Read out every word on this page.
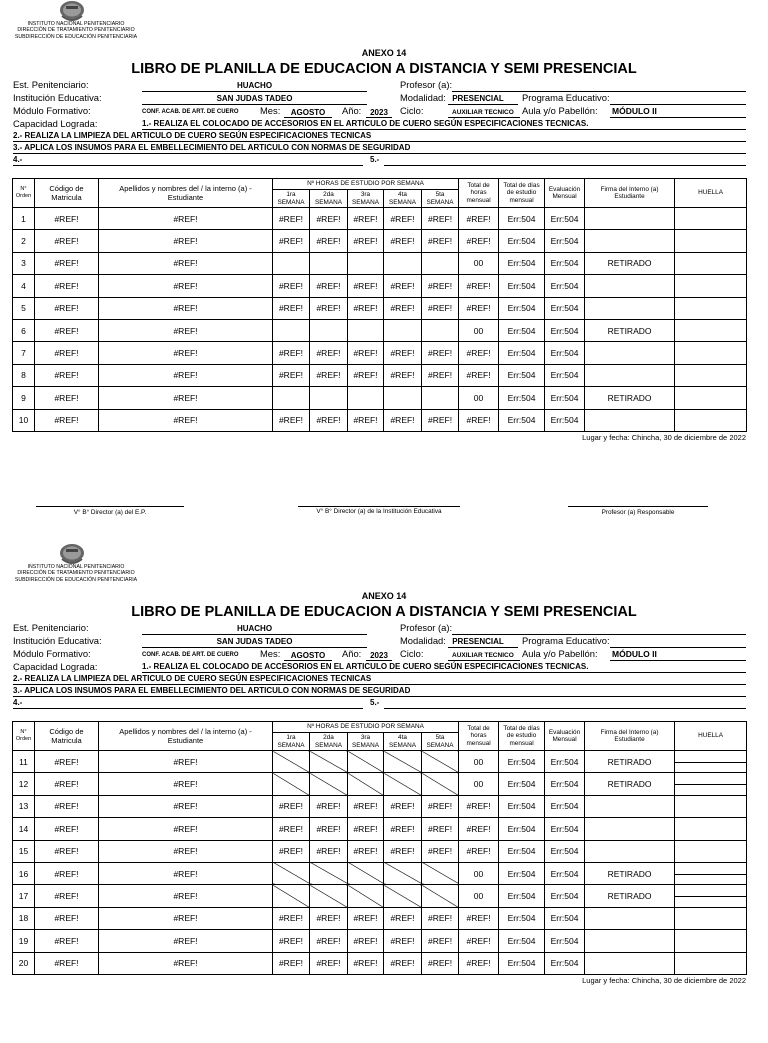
INSTITUTO NACIONAL PENITENCIARIO
DIRECCIÓN DE TRATAMIENTO PENITENCIARIO
SUBDIRECCIÓN DE EDUCACIÓN PENITENCIARIA
ANEXO 14
LIBRO DE PLANILLA DE EDUCACION A DISTANCIA Y SEMI PRESENCIAL
Est. Penitenciario:	HUACHO	Profesor (a):
Institución Educativa:	SAN JUDAS TADEO	Modalidad: PRESENCIAL	Programa Educativo:
Módulo Formativo:	CONF. ACAB. DE ART. DE CUERO Mes:	AGOSTO	Año:	2023	Ciclo:	AUXILIAR TECNICO Aula y/o Pabellón: MÓDULO II
Capacidad Lograda:	1.- REALIZA EL COLOCADO DE ACCESORIOS EN EL ARTICULO DE CUERO SEGÚN ESPECIFICACIONES TECNICAS.
2.- REALIZA LA LIMPIEZA DEL ARTICULO DE CUERO SEGÚN ESPECIFICACIONES TECNICAS
3.- APLICA LOS INSUMOS PARA EL EMBELLECIMIENTO DEL ARTICULO CON NORMAS DE SEGURIDAD
4.-	5.-
N° Orden	Código de Matricula	Apellidos y nombres del / la interno (a) - Estudiante	Nº HORAS DE ESTUDIO POR SEMANA					Total de horas mensual	Total de días de estudio mensual	Evaluación Mensual	Firma del Interno (a) Estudiante	HUELLA
			1ra SEMANA	2da SEMANA	3ra SEMANA	4ta SEMANA	5ta SEMANA					
1	#REF!	#REF!	#REF!	#REF!	#REF!	#REF!	#REF!	#REF!	Err:504	Err:504		
2	#REF!	#REF!	#REF!	#REF!	#REF!	#REF!	#REF!	#REF!	Err:504	Err:504		
3	#REF!	#REF!						00	Err:504	Err:504	RETIRADO	
4	#REF!	#REF!	#REF!	#REF!	#REF!	#REF!	#REF!	#REF!	Err:504	Err:504		
5	#REF!	#REF!	#REF!	#REF!	#REF!	#REF!	#REF!	#REF!	Err:504	Err:504		
6	#REF!	#REF!						00	Err:504	Err:504	RETIRADO	
7	#REF!	#REF!	#REF!	#REF!	#REF!	#REF!	#REF!	#REF!	Err:504	Err:504		
8	#REF!	#REF!	#REF!	#REF!	#REF!	#REF!	#REF!	#REF!	Err:504	Err:504		
9	#REF!	#REF!						00	Err:504	Err:504	RETIRADO	
10	#REF!	#REF!	#REF!	#REF!	#REF!	#REF!	#REF!	#REF!	Err:504	Err:504		
Lugar y fecha: Chincha, 30 de diciembre de 2022
INSTITUTO NACIONAL PENITENCIARIO
DIRECCIÓN DE TRATAMIENTO PENITENCIARIO
SUBDIRECCIÓN DE EDUCACIÓN PENITENCIARIA
ANEXO 14
LIBRO DE PLANILLA DE EDUCACION A DISTANCIA Y SEMI PRESENCIAL
Est. Penitenciario:	HUACHO	Profesor (a):
Institución Educativa:	SAN JUDAS TADEO	Modalidad: PRESENCIAL	Programa Educativo:
Módulo Formativo:	CONF. ACAB. DE ART. DE CUERO Mes:	AGOSTO	Año:	2023	Ciclo:	AUXILIAR TECNICO Aula y/o Pabellón: MÓDULO II
Capacidad Lograda:	1.- REALIZA EL COLOCADO DE ACCESORIOS EN EL ARTICULO DE CUERO SEGÚN ESPECIFICACIONES TECNICAS.
2.- REALIZA LA LIMPIEZA DEL ARTICULO DE CUERO SEGÚN ESPECIFICACIONES TECNICAS
3.- APLICA LOS INSUMOS PARA EL EMBELLECIMIENTO DEL ARTICULO CON NORMAS DE SEGURIDAD
4.-	5.-
N° Orden	Código de Matricula	Apellidos y nombres del / la interno (a) - Estudiante	Nº HORAS DE ESTUDIO POR SEMANA					Total de horas mensual	Total de días de estudio mensual	Evaluación Mensual	Firma del Interno (a) Estudiante	HUELLA
			1ra SEMANA	2da SEMANA	3ra SEMANA	4ta SEMANA	5ta SEMANA					
11	#REF!	#REF!						00	Err:504	Err:504	RETIRADO	
12	#REF!	#REF!						00	Err:504	Err:504	RETIRADO	
13	#REF!	#REF!	#REF!	#REF!	#REF!	#REF!	#REF!	#REF!	Err:504	Err:504		
14	#REF!	#REF!	#REF!	#REF!	#REF!	#REF!	#REF!	#REF!	Err:504	Err:504		
15	#REF!	#REF!	#REF!	#REF!	#REF!	#REF!	#REF!	#REF!	Err:504	Err:504		
16	#REF!	#REF!						00	Err:504	Err:504	RETIRADO	
17	#REF!	#REF!						00	Err:504	Err:504	RETIRADO	
18	#REF!	#REF!	#REF!	#REF!	#REF!	#REF!	#REF!	#REF!	Err:504	Err:504		
19	#REF!	#REF!	#REF!	#REF!	#REF!	#REF!	#REF!	#REF!	Err:504	Err:504		
20	#REF!	#REF!	#REF!	#REF!	#REF!	#REF!	#REF!	#REF!	Err:504	Err:504		
Lugar y fecha: Chincha, 30 de diciembre de 2022
V° B° Director (a) del E.P.	V° B° Director (a) de la Institución Educativa	Profesor (a) Responsable
